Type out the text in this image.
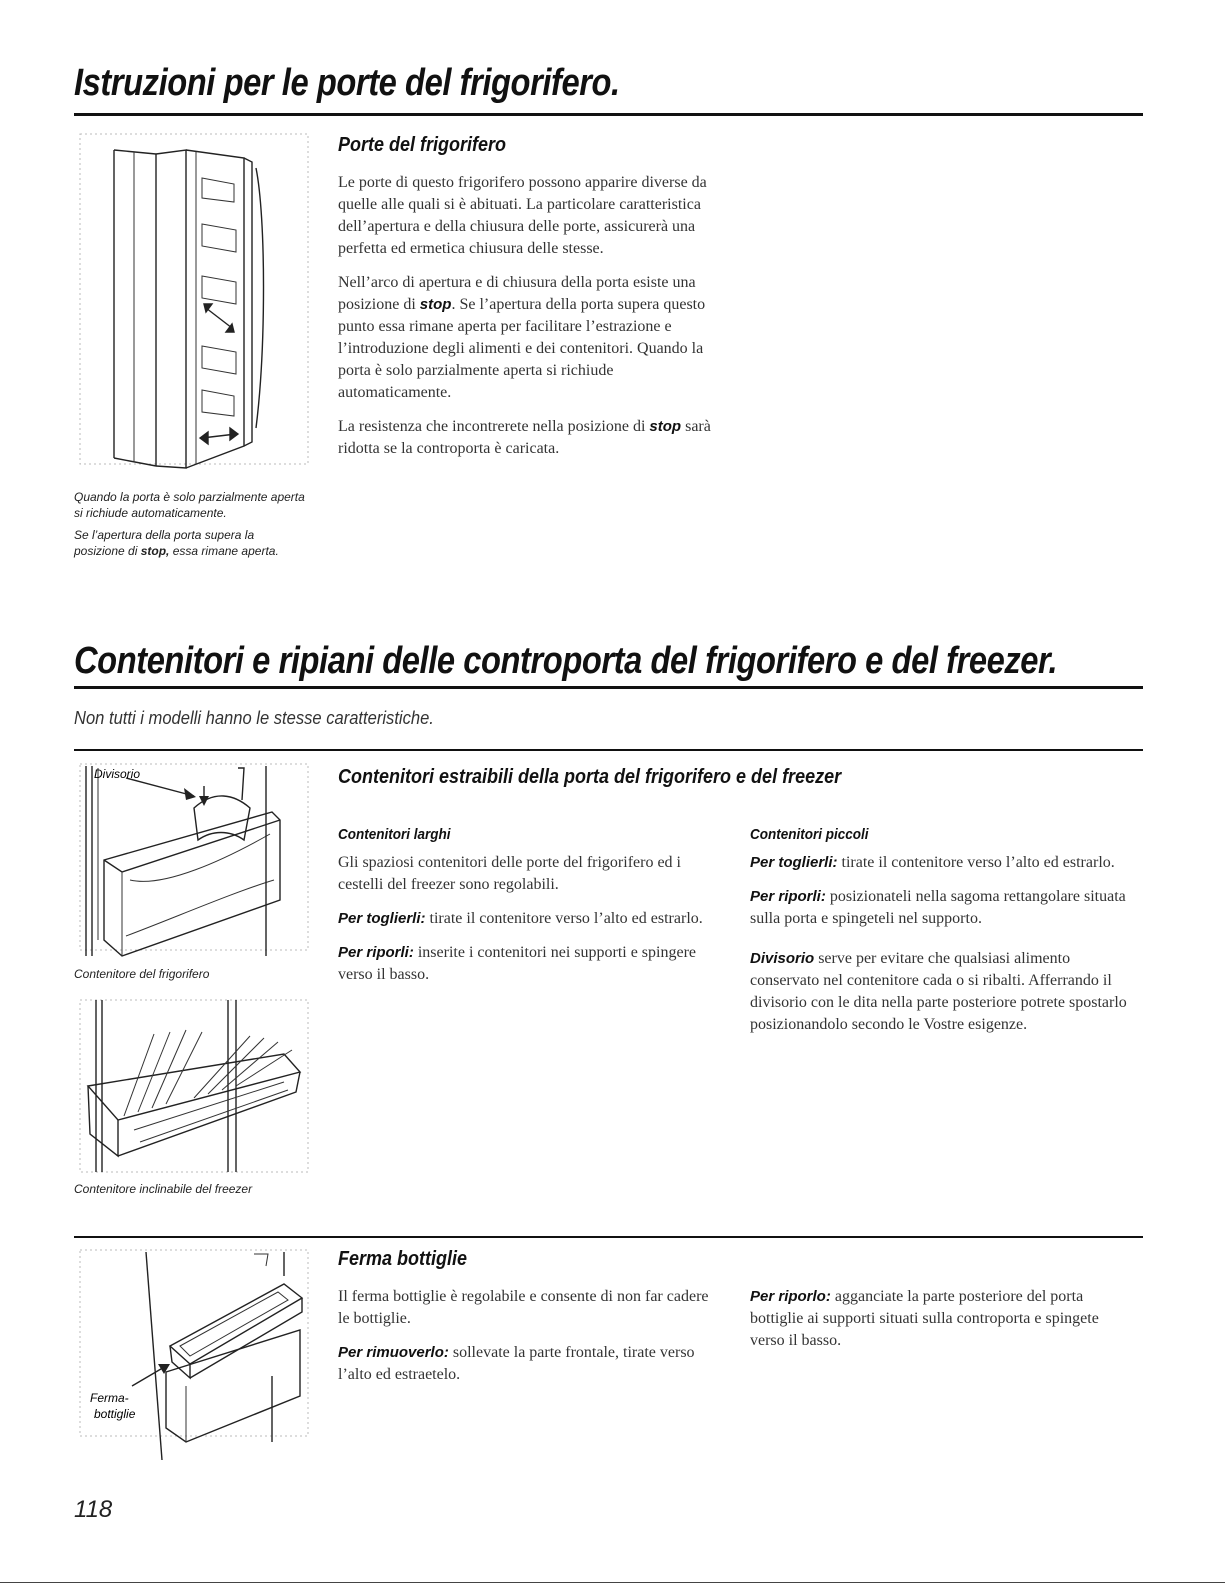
Istruzioni per le porte del frigorifero.
Quando la porta è solo parzialmente aperta si richiude automaticamente.
Se l’apertura della porta supera la posizione di stop, essa rimane aperta.
Porte del frigorifero

Le porte di questo frigorifero possono apparire diverse da quelle alle quali si è abituati. La particolare caratteristica dell’apertura e della chiusura delle porte, assicurerà una perfetta ed ermetica chiusura delle stesse.

Nell’arco di apertura e di chiusura della porta esiste una posizione di stop. Se l’apertura della porta supera questo punto essa rimane aperta per facilitare l’estrazione e l’introduzione degli alimenti e dei contenitori. Quando la porta è solo parzialmente aperta si richiude automaticamente.

La resistenza che incontrerete nella posizione di stop sarà ridotta se la controporta è caricata.

Contenitori e ripiani delle controporta del frigorifero e del freezer.
Non tutti i modelli hanno le stesse caratteristiche.
Divisorio
Contenitore del frigorifero
Contenitore inclinabile del freezer
Contenitori estraibili della porta del frigorifero e del freezer
Contenitori larghi

Gli spaziosi contenitori delle porte del frigorifero ed i cestelli del freezer sono regolabili.

Per toglierli: tirate il contenitore verso l’alto ed estrarlo.

Per riporli: inserite i contenitori nei supporti e spingere verso il basso.

Contenitori piccoli

Per toglierli: tirate il contenitore verso l’alto ed estrarlo.

Per riporli: posizionateli nella sagoma rettangolare situata sulla porta e spingeteli nel supporto.

Divisorio serve per evitare che qualsiasi alimento conservato nel contenitore cada o si ribalti. Afferrando il divisorio con le dita nella parte posteriore potrete spostarlo posizionandolo secondo le Vostre esigenze.

Ferma-
bottiglie
Ferma bottiglie

Il ferma bottiglie è regolabile e consente di non far cadere le bottiglie.

Per rimuoverlo: sollevate la parte frontale, tirate verso l’alto ed estraetelo.

Per riporlo: agganciate la parte posteriore del porta bottiglie ai supporti situati sulla controporta e spingete verso il basso.

118
